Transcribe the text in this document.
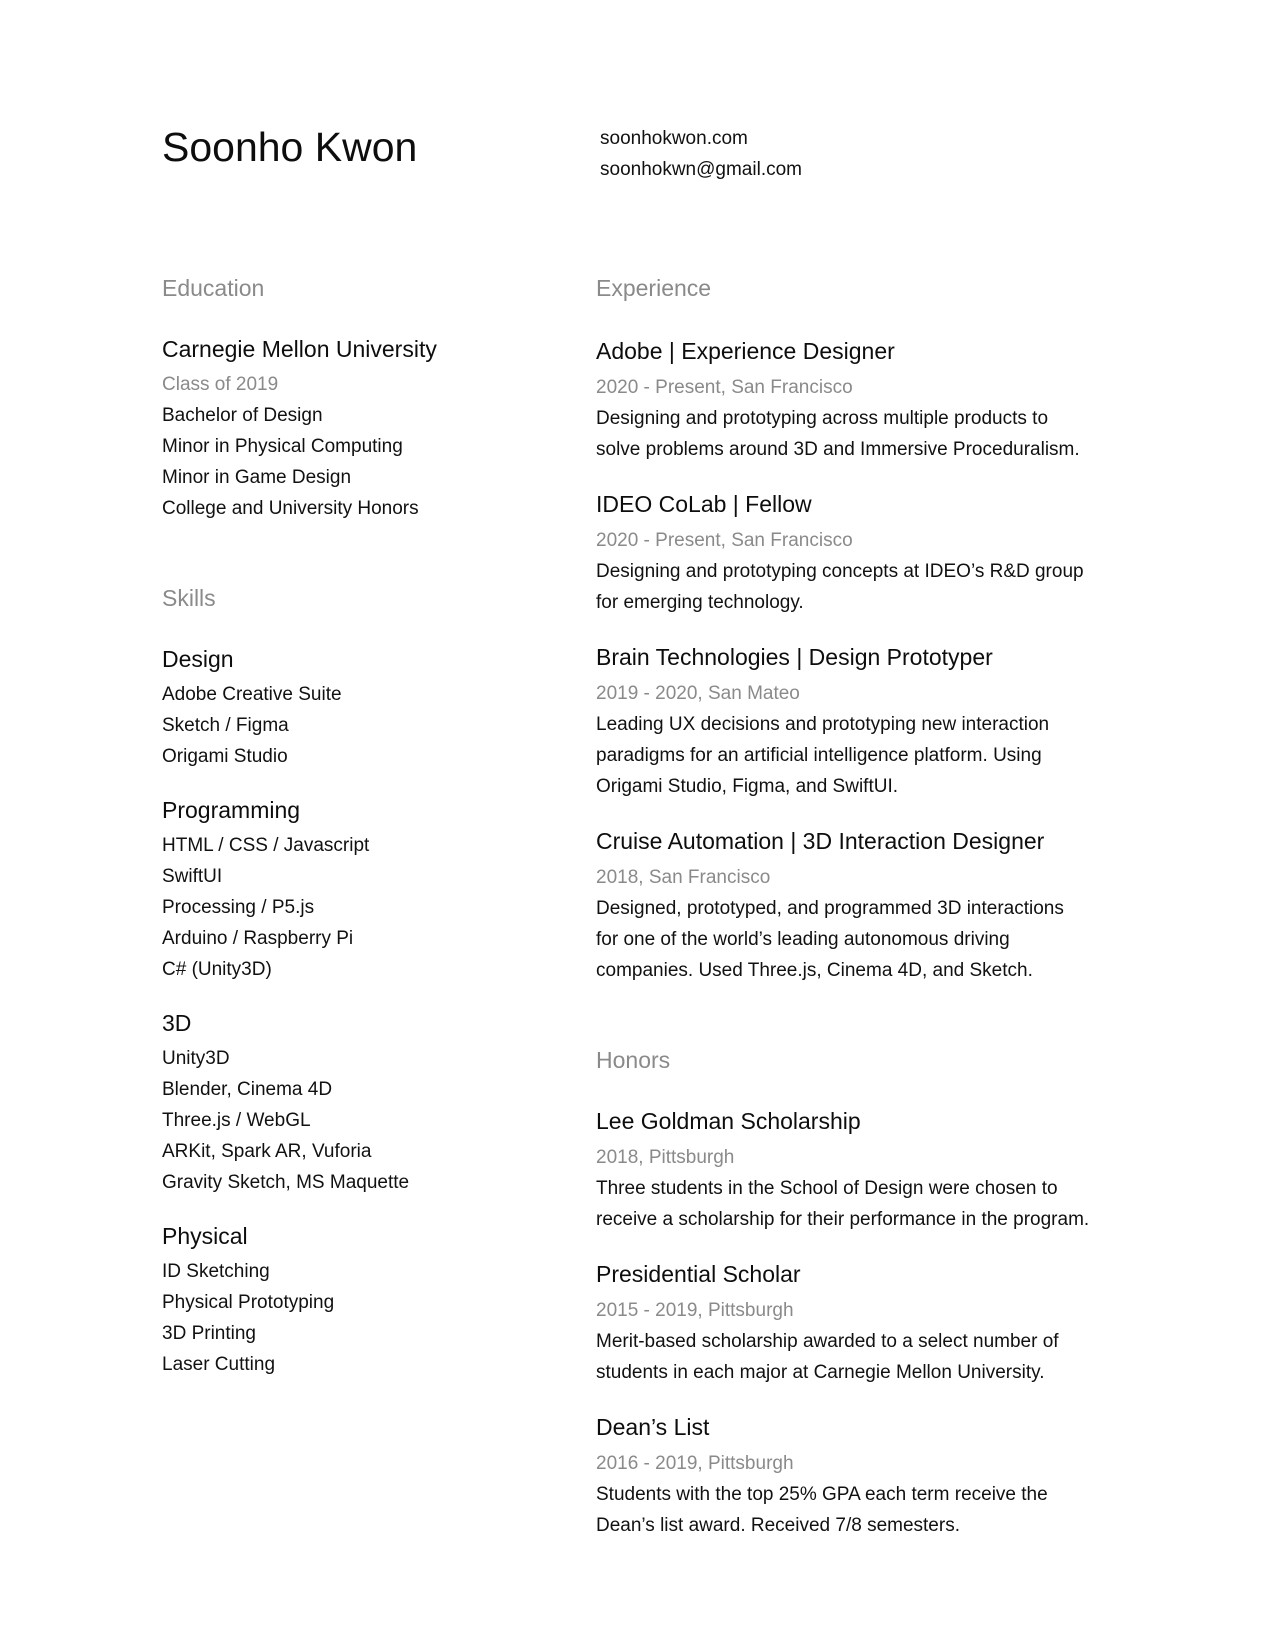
Soonho Kwon	soonhokwon.com
soonhokwn@gmail.com
Education
Carnegie Mellon University
Class of 2019
Bachelor of Design
Minor in Physical Computing
Minor in Game Design
College and University Honors
Skills
Design
Adobe Creative Suite
Sketch / Figma
Origami Studio
Programming
HTML / CSS / Javascript
SwiftUI
Processing / P5.js
Arduino / Raspberry Pi
C# (Unity3D)
3D
Unity3D
Blender, Cinema 4D
Three.js / WebGL
ARKit, Spark AR, Vuforia
Gravity Sketch, MS Maquette
Physical
ID Sketching
Physical Prototyping
3D Printing
Laser Cutting
Experience
Adobe | Experience Designer
2020 - Present, San Francisco
Designing and prototyping across multiple products to
solve problems around 3D and Immersive Proceduralism.
IDEO CoLab | Fellow
2020 - Present, San Francisco
Designing and prototyping concepts at IDEO’s R&D group
for emerging technology.
Brain Technologies | Design Prototyper
2019 - 2020, San Mateo
Leading UX decisions and prototyping new interaction
paradigms for an artificial intelligence platform. Using
Origami Studio, Figma, and SwiftUI.
Cruise Automation | 3D Interaction Designer
2018, San Francisco
Designed, prototyped, and programmed 3D interactions
for one of the world’s leading autonomous driving
companies. Used Three.js, Cinema 4D, and Sketch.
Honors
Lee Goldman Scholarship
2018, Pittsburgh
Three students in the School of Design were chosen to
receive a scholarship for their performance in the program.
Presidential Scholar
2015 - 2019, Pittsburgh
Merit-based scholarship awarded to a select number of
students in each major at Carnegie Mellon University.
Dean’s List
2016 - 2019, Pittsburgh
Students with the top 25% GPA each term receive the
Dean’s list award. Received 7/8 semesters.
